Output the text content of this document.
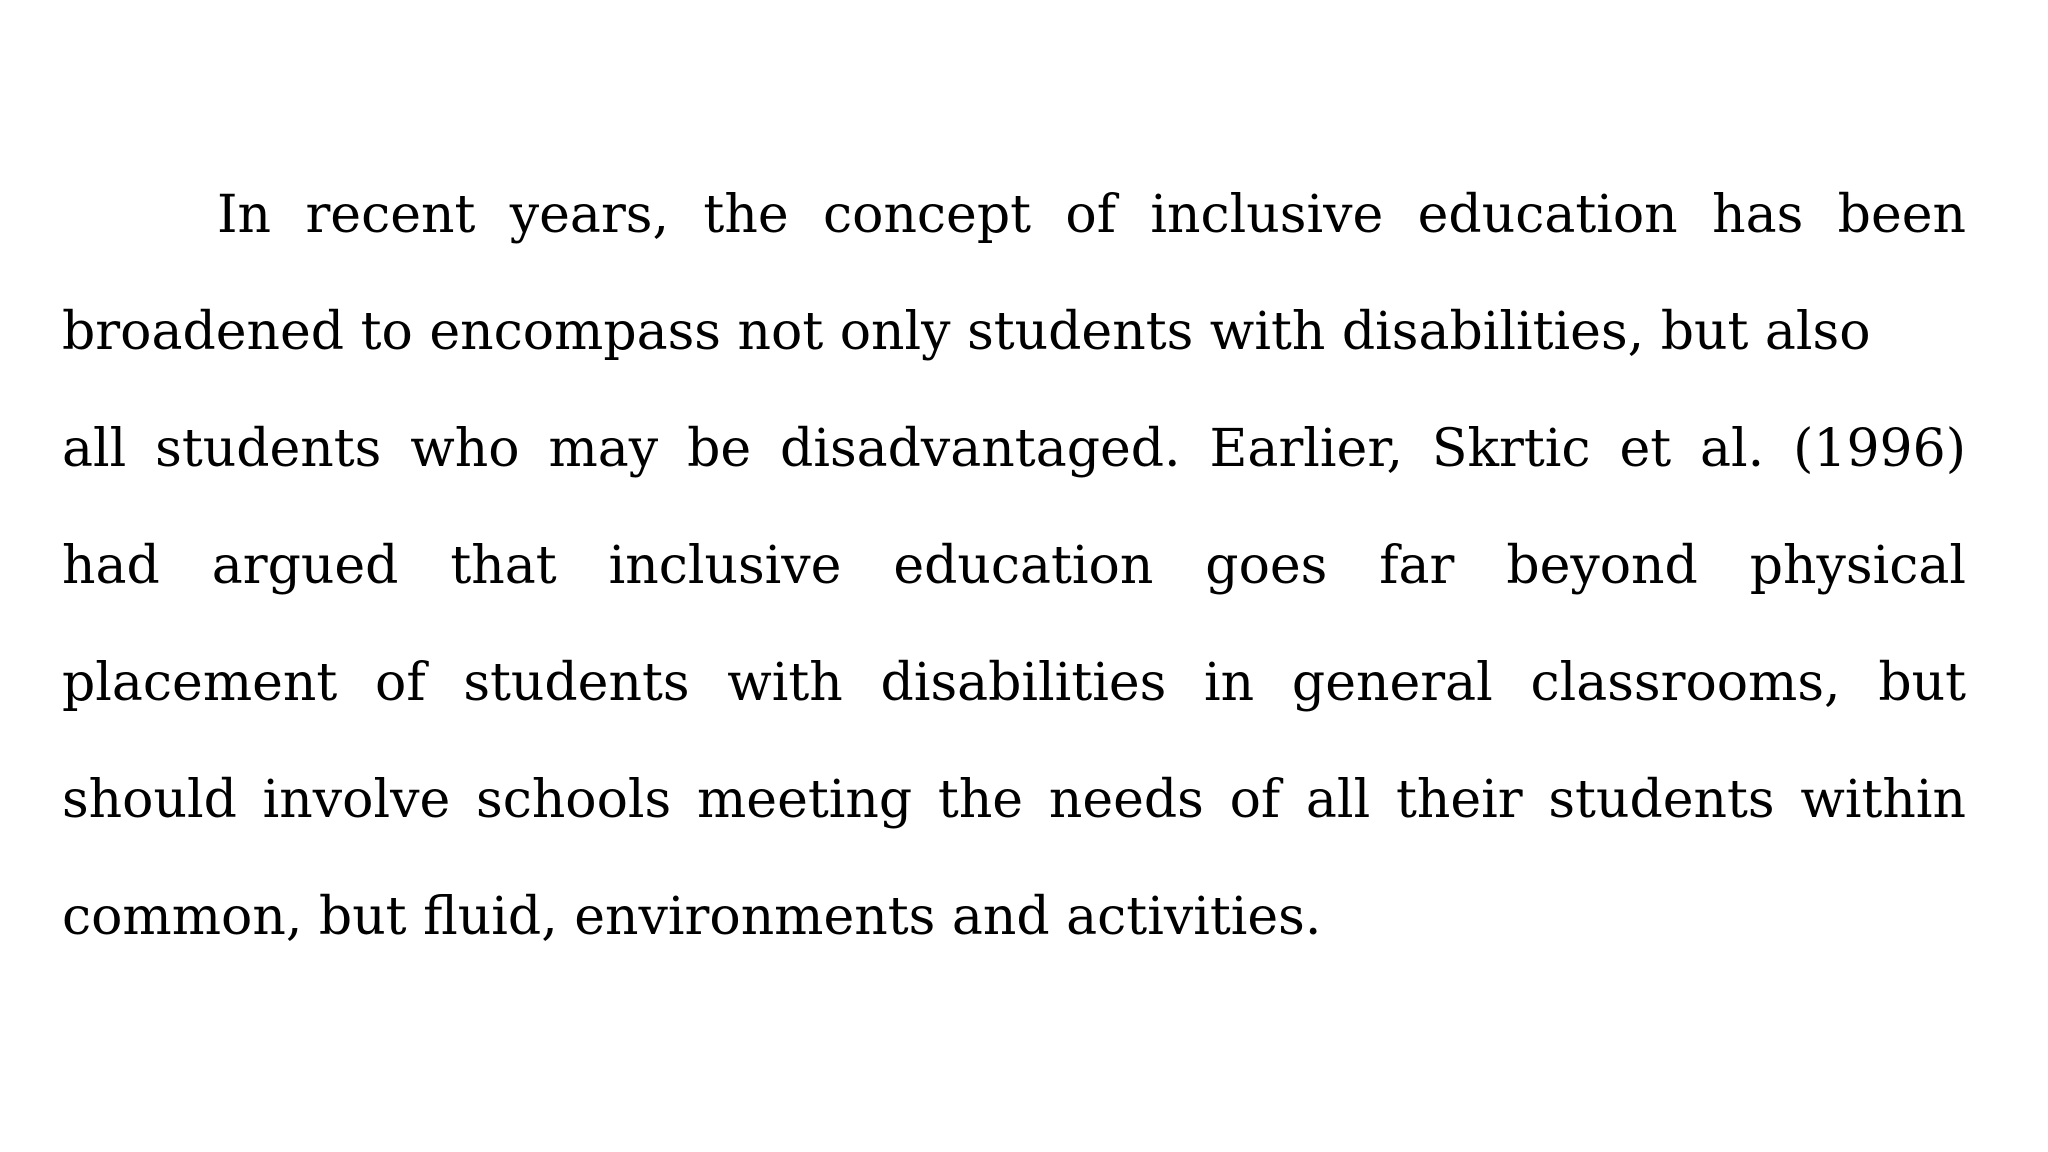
In recent years, the concept of inclusive education has been
broadened to encompass not only students with disabilities, but also
all students who may be disadvantaged. Earlier, Skrtic et al. (1996)
had argued that inclusive education goes far beyond physical
placement of students with disabilities in general classrooms, but
should involve schools meeting the needs of all their students within
common, but fluid, environments and activities.
